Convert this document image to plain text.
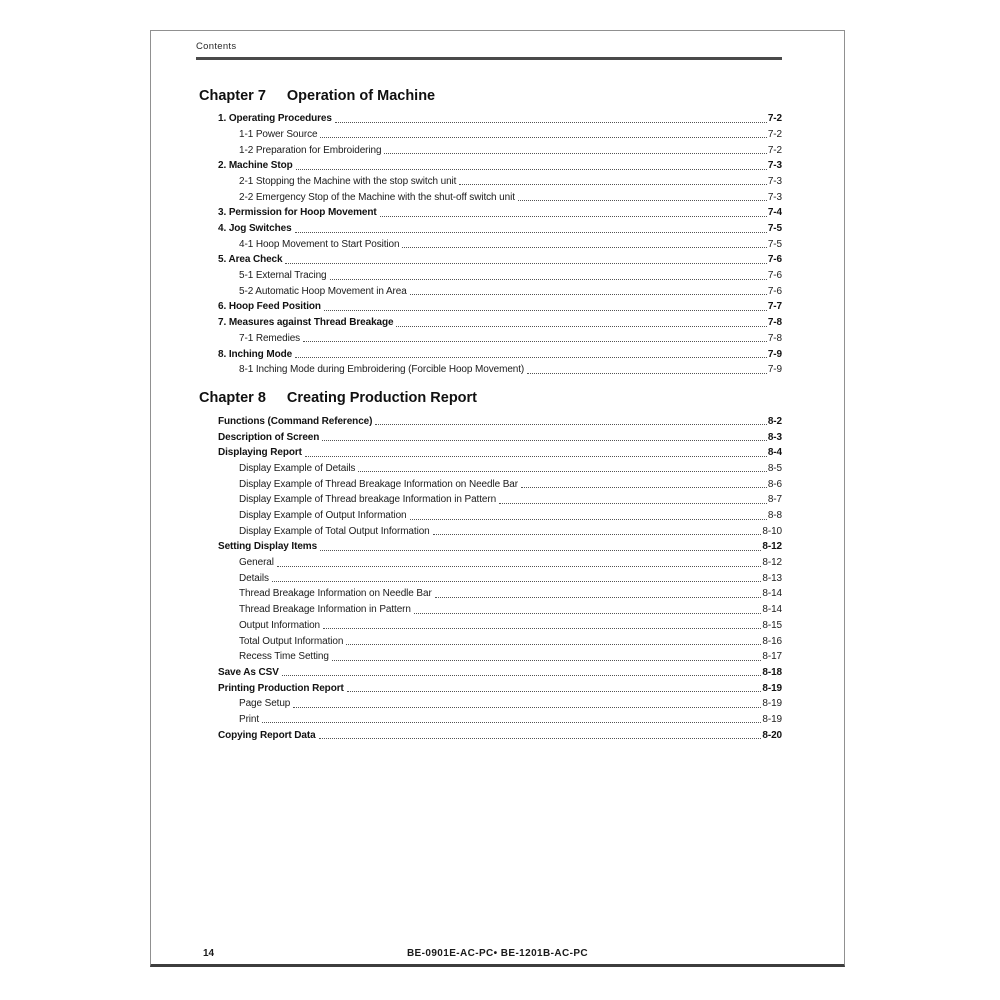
Contents
Chapter 7 Operation of Machine
1. Operating Procedures	7-2
1-1 Power Source	7-2
1-2 Preparation for Embroidering	7-2
2. Machine Stop	7-3
2-1 Stopping the Machine with the stop switch unit	7-3
2-2 Emergency Stop of the Machine with the shut-off switch unit	7-3
3. Permission for Hoop Movement	7-4
4. Jog Switches	7-5
4-1 Hoop Movement to Start Position	7-5
5. Area Check	7-6
5-1 External Tracing	7-6
5-2 Automatic Hoop Movement in Area	7-6
6. Hoop Feed Position	7-7
7. Measures against Thread Breakage	7-8
7-1 Remedies	7-8
8. Inching Mode	7-9
8-1 Inching Mode during Embroidering (Forcible Hoop Movement)	7-9
Chapter 8 Creating Production Report
Functions (Command Reference)	8-2
Description of Screen	8-3
Displaying Report	8-4
Display Example of Details	8-5
Display Example of Thread Breakage Information on Needle Bar	8-6
Display Example of Thread breakage Information in Pattern	8-7
Display Example of Output Information	8-8
Display Example of Total Output Information	8-10
Setting Display Items	8-12
General	8-12
Details	8-13
Thread Breakage Information on Needle Bar	8-14
Thread Breakage Information in Pattern	8-14
Output Information	8-15
Total Output Information	8-16
Recess Time Setting	8-17
Save As CSV	8-18
Printing Production Report	8-19
Page Setup	8-19
Print	8-19
Copying Report Data	8-20
14	BE-0901E-AC-PC• BE-1201B-AC-PC
